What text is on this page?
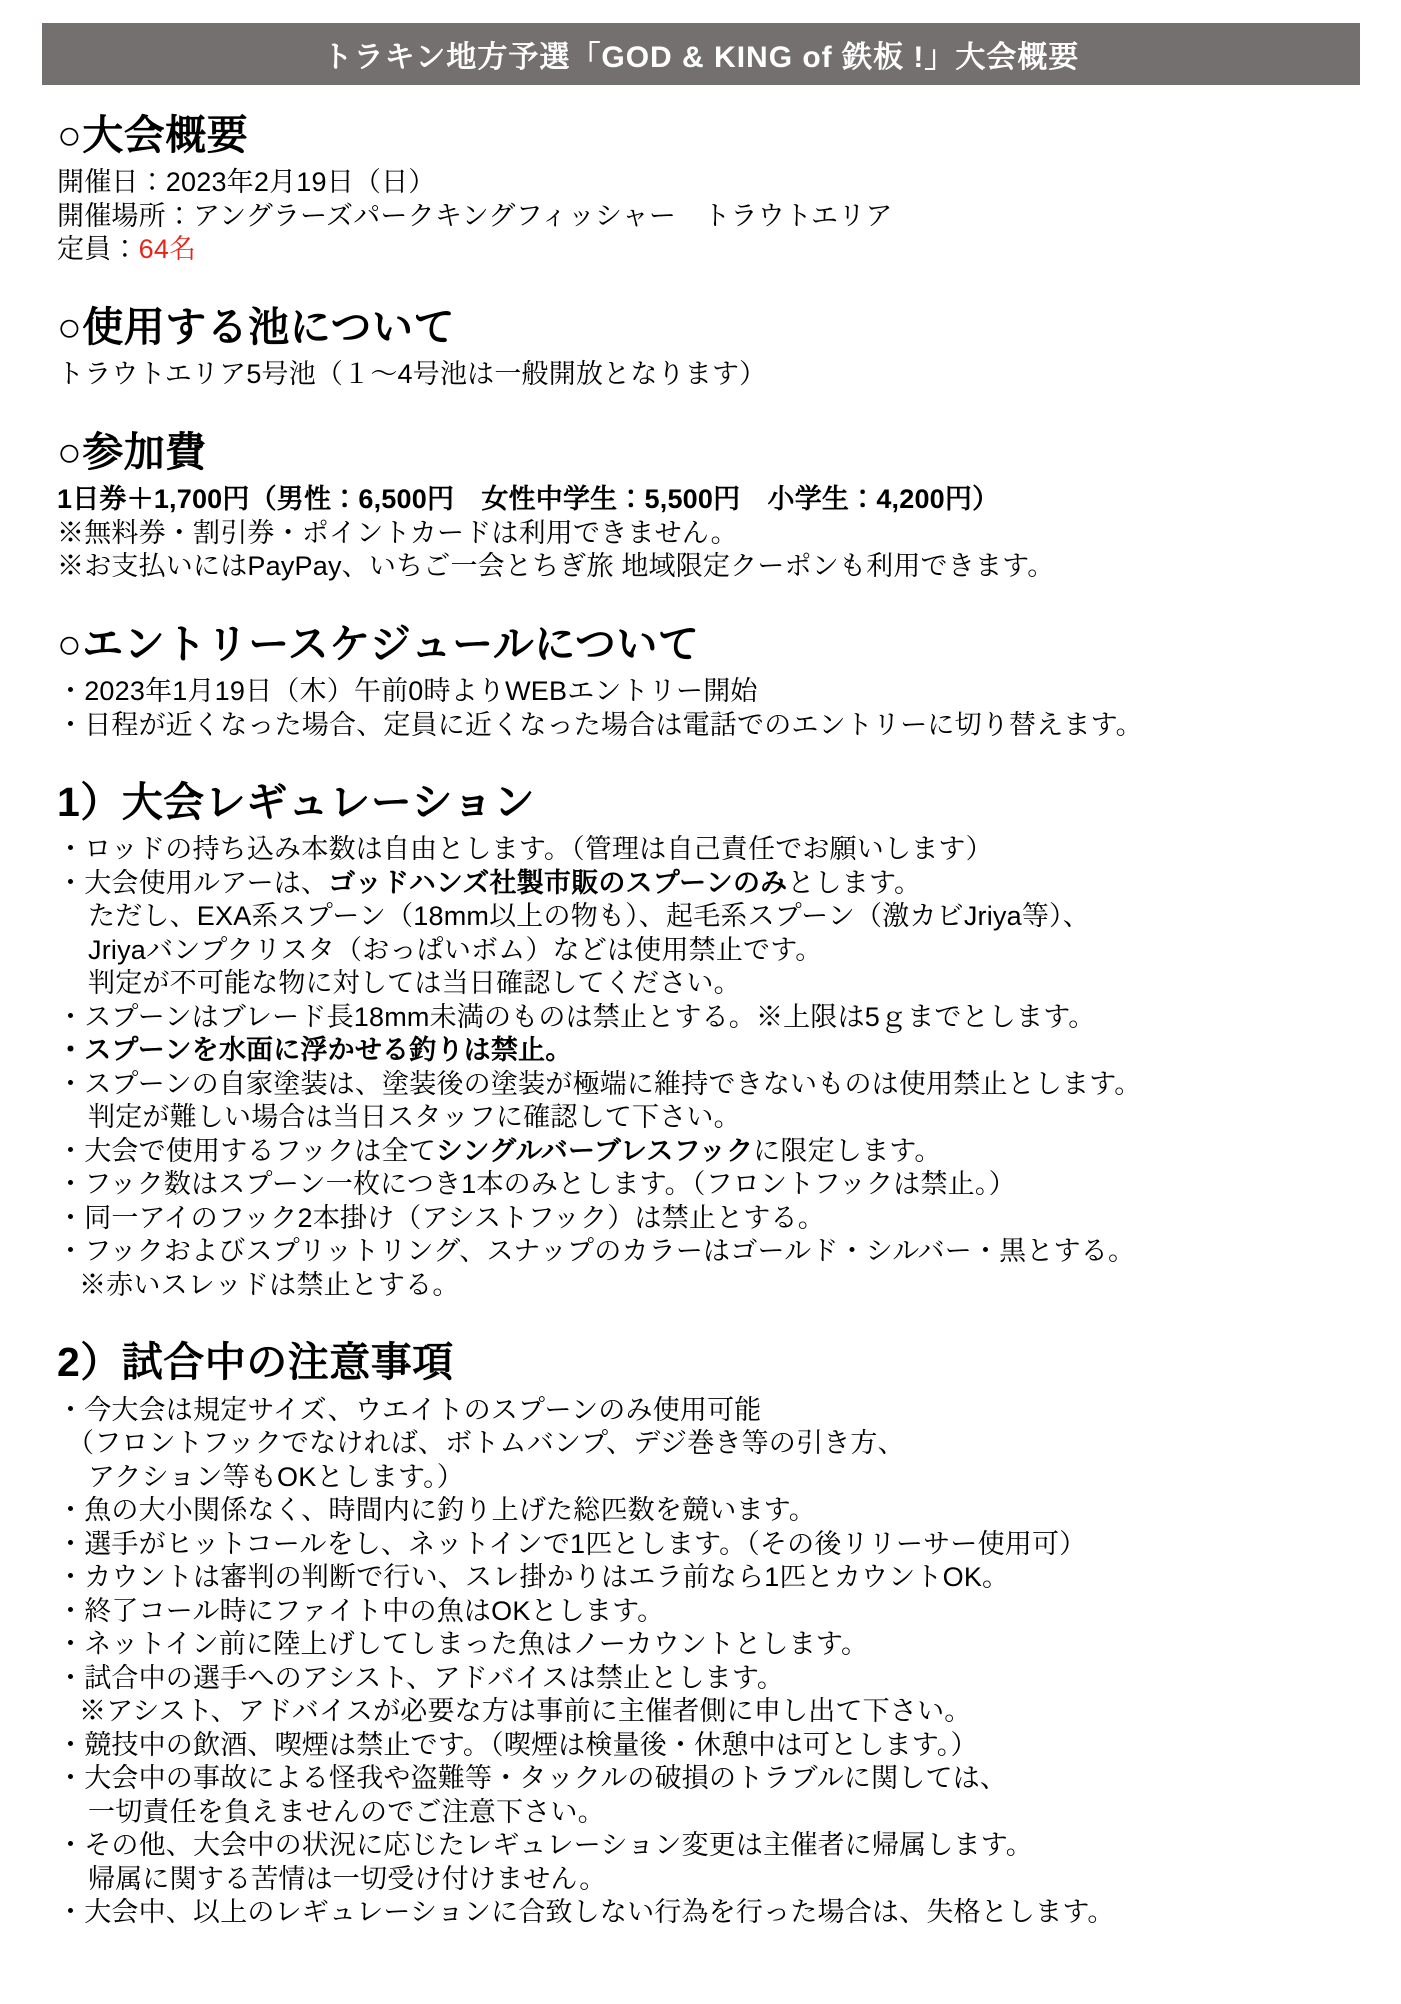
トラキン地方予選「GOD & KING of 鉄板 !」大会概要
○大会概要

開催日：2023年2月19日（日）

開催場所：アングラーズパークキングフィッシャー　トラウトエリア

定員：64名

○使用する池について

トラウトエリア5号池（１～4号池は一般開放となります）

○参加費

1日券＋1,700円（男性：6,500円　女性中学生：5,500円　小学生：4,200円）

※無料券・割引券・ポイントカードは利用できません。

※お支払いにはPayPay、いちご一会とちぎ旅 地域限定クーポンも利用できます。

○エントリースケジュールについて

・2023年1月19日（木）午前0時よりWEBエントリー開始

・日程が近くなった場合、定員に近くなった場合は電話でのエントリーに切り替えます。

1）大会レギュレーション

・ロッドの持ち込み本数は自由とします。（管理は自己責任でお願いします）

・大会使用ルアーは、ゴッドハンズ社製市販のスプーンのみとします。

ただし、EXA系スプーン（18mm以上の物も）、起毛系スプーン（激カビJriya等）、

Jriyaバンプクリスタ（おっぱいボム）などは使用禁止です。

判定が不可能な物に対しては当日確認してください。

・スプーンはブレード長18mm未満のものは禁止とする。※上限は5ｇまでとします。

・スプーンを水面に浮かせる釣りは禁止。

・スプーンの自家塗装は、塗装後の塗装が極端に維持できないものは使用禁止とします。

判定が難しい場合は当日スタッフに確認して下さい。

・大会で使用するフックは全てシングルバーブレスフックに限定します。

・フック数はスプーン一枚につき1本のみとします。（フロントフックは禁止。）

・同一アイのフック2本掛け（アシストフック）は禁止とする。

・フックおよびスプリットリング、スナップのカラーはゴールド・シルバー・黒とする。

※赤いスレッドは禁止とする。

2）試合中の注意事項

・今大会は規定サイズ、ウエイトのスプーンのみ使用可能

（フロントフックでなければ、ボトムバンプ、デジ巻き等の引き方、

アクション等もOKとします。）

・魚の大小関係なく、時間内に釣り上げた総匹数を競います。

・選手がヒットコールをし、ネットインで1匹とします。（その後リリーサー使用可）

・カウントは審判の判断で行い、スレ掛かりはエラ前なら1匹とカウントOK。

・終了コール時にファイト中の魚はOKとします。

・ネットイン前に陸上げしてしまった魚はノーカウントとします。

・試合中の選手へのアシスト、アドバイスは禁止とします。

※アシスト、アドバイスが必要な方は事前に主催者側に申し出て下さい。

・競技中の飲酒、喫煙は禁止です。（喫煙は検量後・休憩中は可とします。）

・大会中の事故による怪我や盗難等・タックルの破損のトラブルに関しては、

一切責任を負えませんのでご注意下さい。

・その他、大会中の状況に応じたレギュレーション変更は主催者に帰属します。

帰属に関する苦情は一切受け付けません。

・大会中、以上のレギュレーションに合致しない行為を行った場合は、失格とします。
